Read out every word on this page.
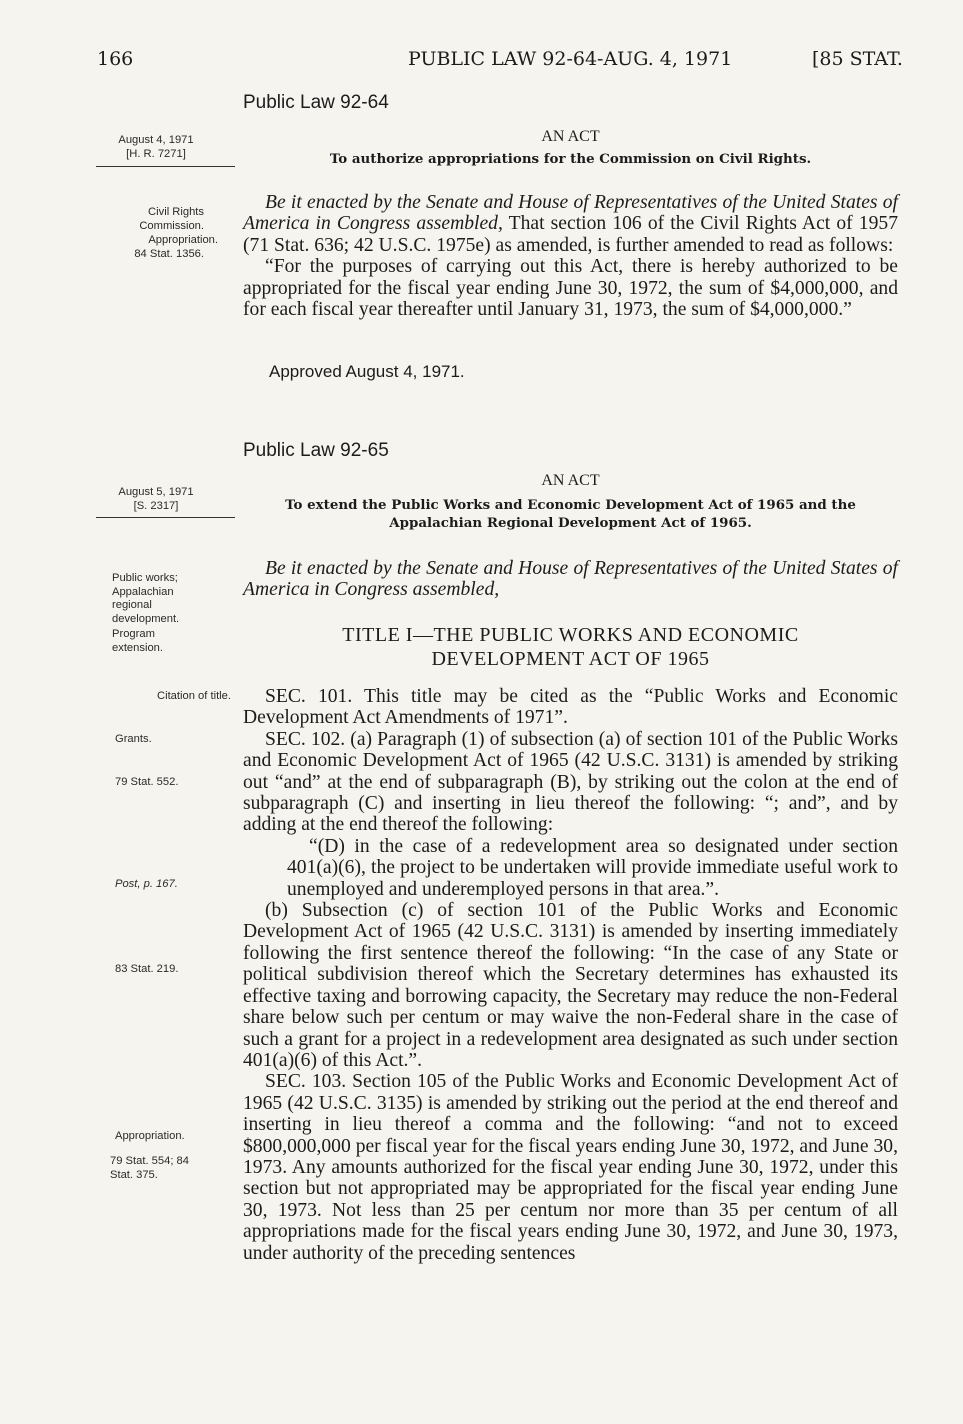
166	PUBLIC LAW 92-64-AUG. 4, 1971	[85 STAT.
Public Law 92-64
AN ACT
To authorize appropriations for the Commission on Civil Rights.
August 4, 1971
[H. R. 7271]
Civil Rights Commission.
Appropriation.
84 Stat. 1356.

Be it enacted by the Senate and House of Representatives of the United States of America in Congress assembled, That section 106 of the Civil Rights Act of 1957 (71 Stat. 636; 42 U.S.C. 1975e) as amended, is further amended to read as follows:

“For the purposes of carrying out this Act, there is hereby authorized to be appropriated for the fiscal year ending June 30, 1972, the sum of $4,000,000, and for each fiscal year thereafter until January 31, 1973, the sum of $4,000,000.”

Approved August 4, 1971.
Public Law 92-65
AN ACT
To extend the Public Works and Economic Development Act of 1965 and the Appalachian Regional Development Act of 1965.
August 5, 1971
[S. 2317]
Public works; Appalachian regional development.
Program extension.

Be it enacted by the Senate and House of Representatives of the United States of America in Congress assembled,

TITLE I—THE PUBLIC WORKS AND ECONOMIC
DEVELOPMENT ACT OF 1965
Citation of title.
Grants.
79 Stat. 552.
Post, p. 167.
83 Stat. 219.
Appropriation.
79 Stat. 554; 84 Stat. 375.

SEC. 101. This title may be cited as the “Public Works and Economic Development Act Amendments of 1971”.

SEC. 102. (a) Paragraph (1) of subsection (a) of section 101 of the Public Works and Economic Development Act of 1965 (42 U.S.C. 3131) is amended by striking out “and” at the end of subparagraph (B), by striking out the colon at the end of subparagraph (C) and inserting in lieu thereof the following: “; and”, and by adding at the end thereof the following:

“(D) in the case of a redevelopment area so designated under section 401(a)(6), the project to be undertaken will provide immediate useful work to unemployed and underemployed persons in that area.”.

(b) Subsection (c) of section 101 of the Public Works and Economic Development Act of 1965 (42 U.S.C. 3131) is amended by inserting immediately following the first sentence thereof the following: “In the case of any State or political subdivision thereof which the Secretary determines has exhausted its effective taxing and borrowing capacity, the Secretary may reduce the non-Federal share below such per centum or may waive the non-Federal share in the case of such a grant for a project in a redevelopment area designated as such under section 401(a)(6) of this Act.”.

SEC. 103. Section 105 of the Public Works and Economic Development Act of 1965 (42 U.S.C. 3135) is amended by striking out the period at the end thereof and inserting in lieu thereof a comma and the following: “and not to exceed $800,000,000 per fiscal year for the fiscal years ending June 30, 1972, and June 30, 1973. Any amounts authorized for the fiscal year ending June 30, 1972, under this section but not appropriated may be appropriated for the fiscal year ending June 30, 1973. Not less than 25 per centum nor more than 35 per centum of all appropriations made for the fiscal years ending June 30, 1972, and June 30, 1973, under authority of the preceding sentences
